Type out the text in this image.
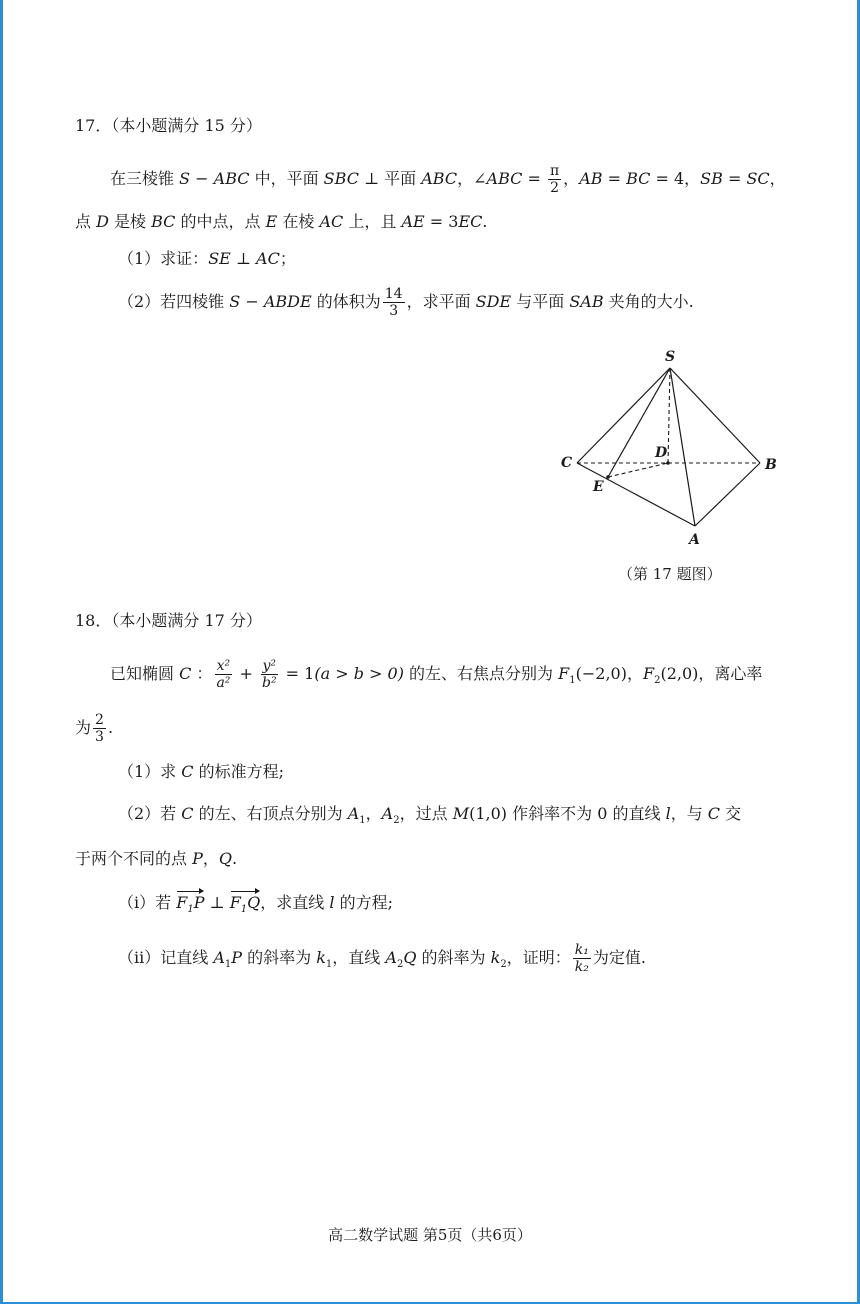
17．（本小题满分 15 分）
在三棱锥 S − ABC 中，平面 SBC ⊥ 平面 ABC，∠ABC = $\frac{\pi}{2}$ ，AB = BC = 4，SB = SC，
点 D 是棱 BC 的中点，点 E 在棱 AC 上，且 AE = 3EC.
（1）求证：SE ⊥ AC；
（2）若四棱锥 S − ABDE 的体积为 $\frac{14}{3}$ ，求平面 SDE 与平面 SAB 夹角的大小.
S
C
D
B
E
A
（第 17 题图）
18．（本小题满分 17 分）
已知椭圆 C ： $\frac{\text{x²}}{\text{a²}} + \frac{\text{y²}}{\text{b²}} = 1(a > b > 0)$ 的左、右焦点分别为 $F_1(-2,0)$，$F_2(2,0)$，离心率
为 $\frac{2}{3}$ .
（1）求 C 的标准方程;
（2）若 C 的左、右顶点分别为 $A_1$，$A_2$，过点 M(1,0) 作斜率不为 0 的直线 l，与 C 交
于两个不同的点 P，Q.
（i）若 $F_1P$ ⊥ $F_1Q$，求直线 l 的方程;
（ii）记直线 $A_1P$ 的斜率为 $k_1$，直线 $A_2Q$ 的斜率为 $k_2$，证明： $\frac{\text{k₁}}{\text{k₂}}$ 为定值.
高二数学试题 第5页（共6页）
